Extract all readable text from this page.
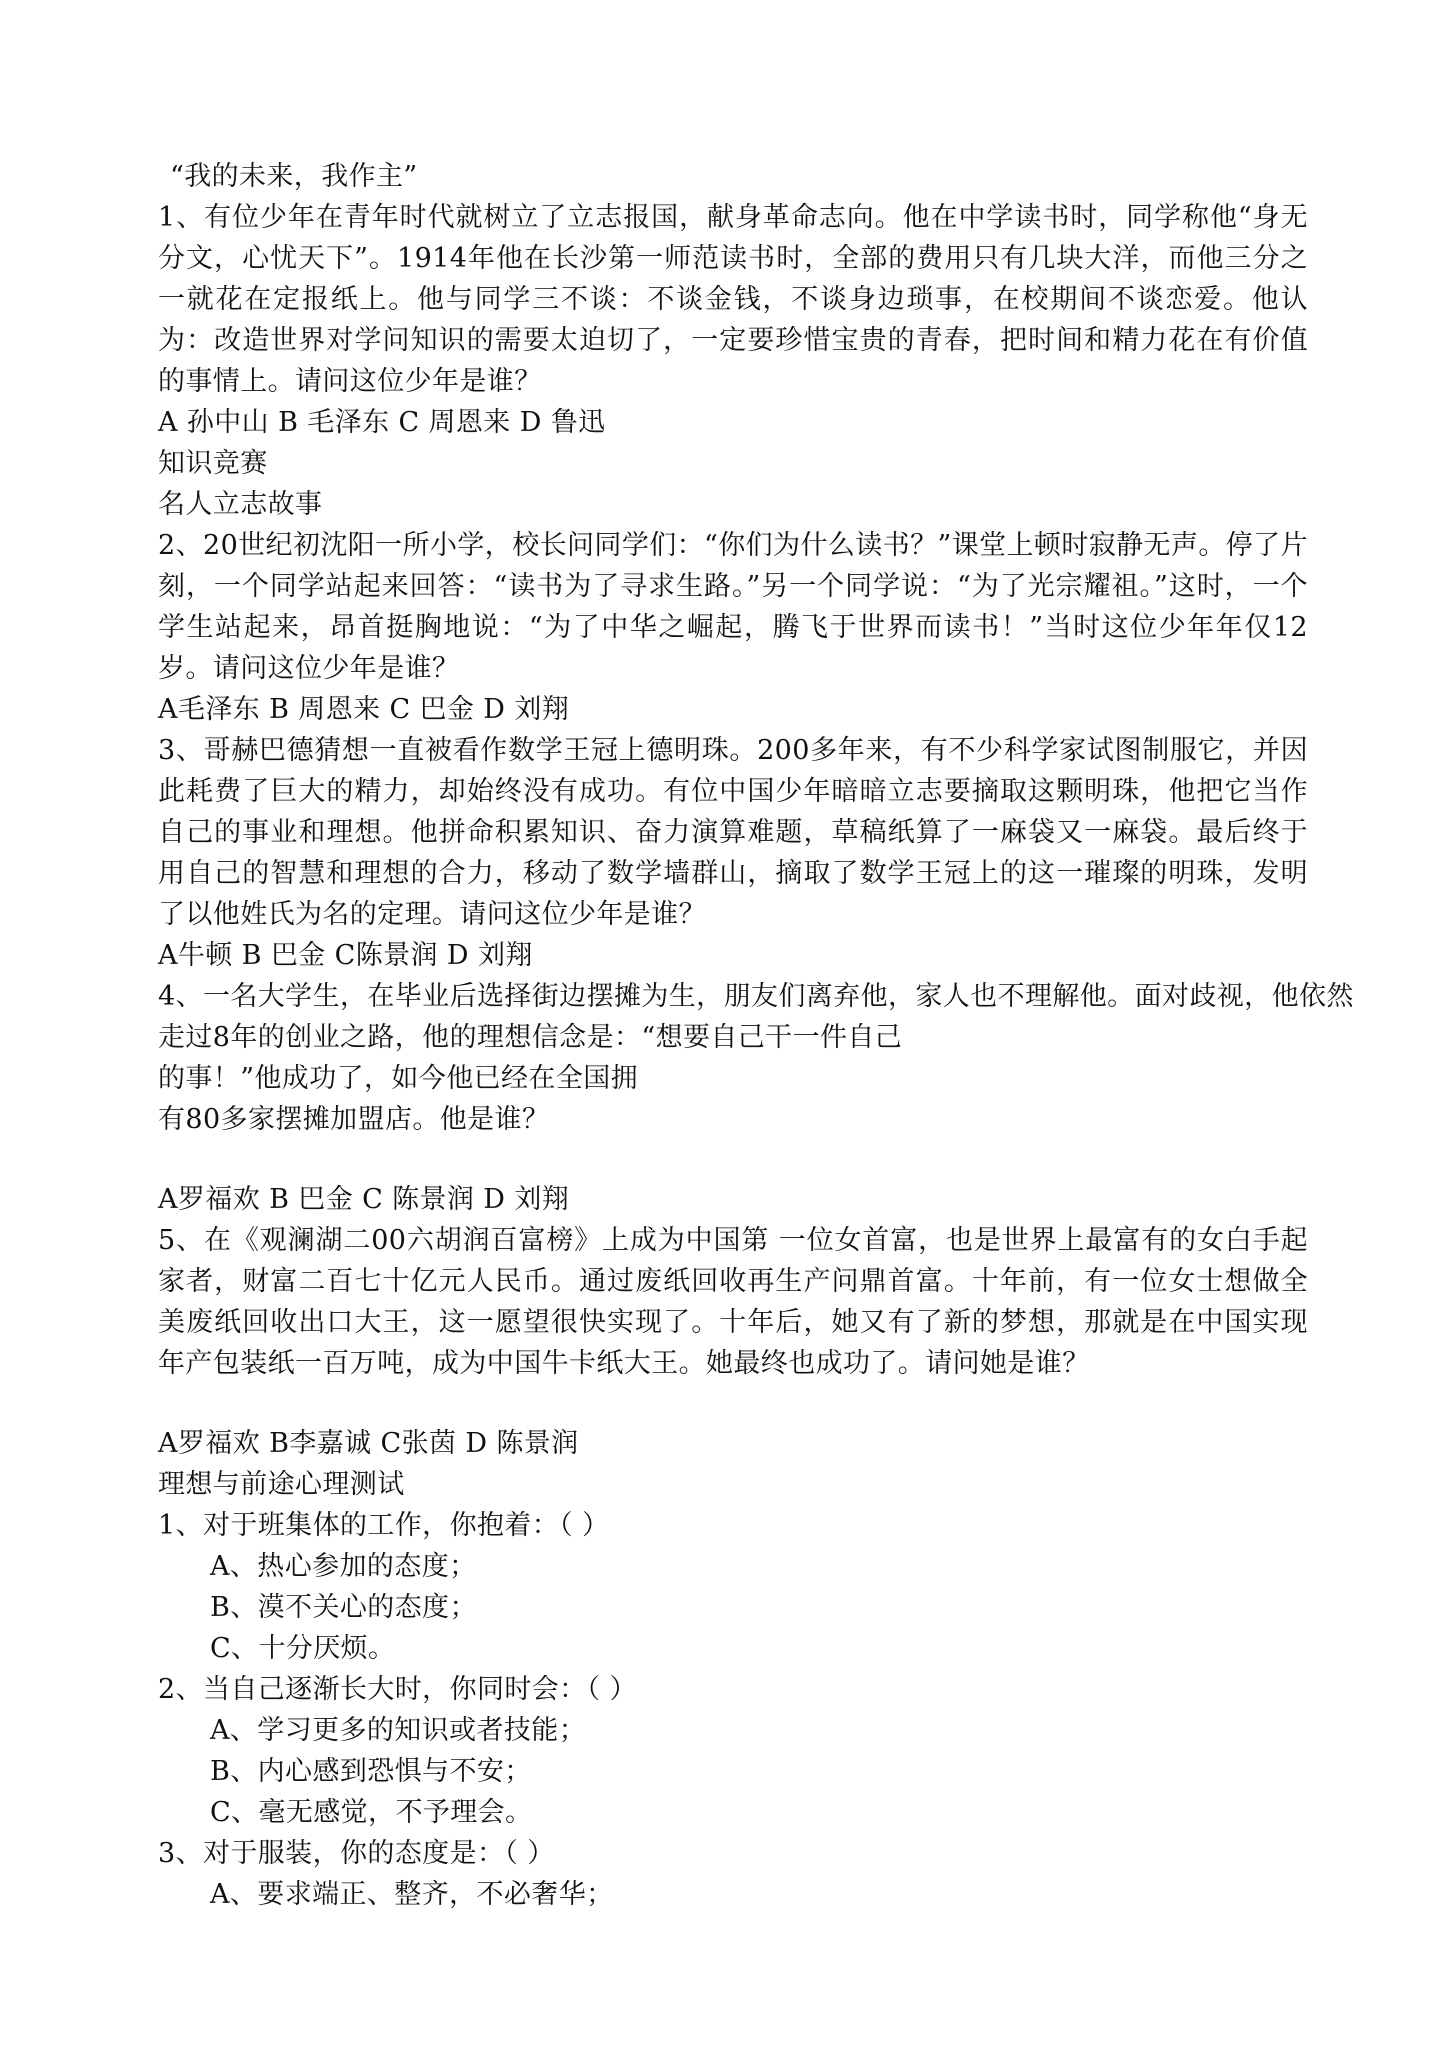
“我的未来，我作主”
1、有位少年在青年时代就树立了立志报国，献身革命志向。他在中学读书时，同学称他“身无分文，心忧天下”。1914年他在长沙第一师范读书时，全部的费用只有几块大洋，而他三分之一就花在定报纸上。他与同学三不谈：不谈金钱，不谈身边琐事，在校期间不谈恋爱。他认为：改造世界对学问知识的需要太迫切了，一定要珍惜宝贵的青春，把时间和精力花在有价值的事情上。请问这位少年是谁？
A 孙中山 B 毛泽东 C 周恩来 D 鲁迅
知识竞赛
名人立志故事
2、20世纪初沈阳一所小学，校长问同学们：“你们为什么读书？”课堂上顿时寂静无声。停了片刻，一个同学站起来回答：“读书为了寻求生路。”另一个同学说：“为了光宗耀祖。”这时，一个学生站起来，昂首挺胸地说：“为了中华之崛起，腾飞于世界而读书！”当时这位少年年仅12岁。请问这位少年是谁？
A毛泽东 B 周恩来 C 巴金 D 刘翔
3、哥赫巴德猜想一直被看作数学王冠上德明珠。200多年来，有不少科学家试图制服它，并因此耗费了巨大的精力，却始终没有成功。有位中国少年暗暗立志要摘取这颗明珠，他把它当作自己的事业和理想。他拼命积累知识、奋力演算难题，草稿纸算了一麻袋又一麻袋。最后终于用自己的智慧和理想的合力，移动了数学墙群山，摘取了数学王冠上的这一璀璨的明珠，发明了以他姓氏为名的定理。请问这位少年是谁？
A牛顿 B 巴金 C陈景润 D 刘翔
4、一名大学生，在毕业后选择街边摆摊为生，朋友们离弃他，家人也不理解他。面对歧视，他依然
走过8年的创业之路，他的理想信念是：“想要自己干一件自己
的事！”他成功了，如今他已经在全国拥
有80多家摆摊加盟店。他是谁？
A罗福欢 B 巴金 C 陈景润 D 刘翔
5、在《观澜湖二00六胡润百富榜》上成为中国第 一位女首富，也是世界上最富有的女白手起家者，财富二百七十亿元人民币。通过废纸回收再生产问鼎首富。十年前，有一位女士想做全美废纸回收出口大王，这一愿望很快实现了。十年后，她又有了新的梦想，那就是在中国实现年产包装纸一百万吨，成为中国牛卡纸大王。她最终也成功了。请问她是谁？
A罗福欢 B李嘉诚 C张茵 D 陈景润
理想与前途心理测试
1、对于班集体的工作，你抱着：（ ）
A、热心参加的态度；
B、漠不关心的态度；
C、十分厌烦。
2、当自己逐渐长大时，你同时会：（ ）
A、学习更多的知识或者技能；
B、内心感到恐惧与不安；
C、毫无感觉，不予理会。
3、对于服装，你的态度是：（ ）
A、要求端正、整齐，不必奢华；
